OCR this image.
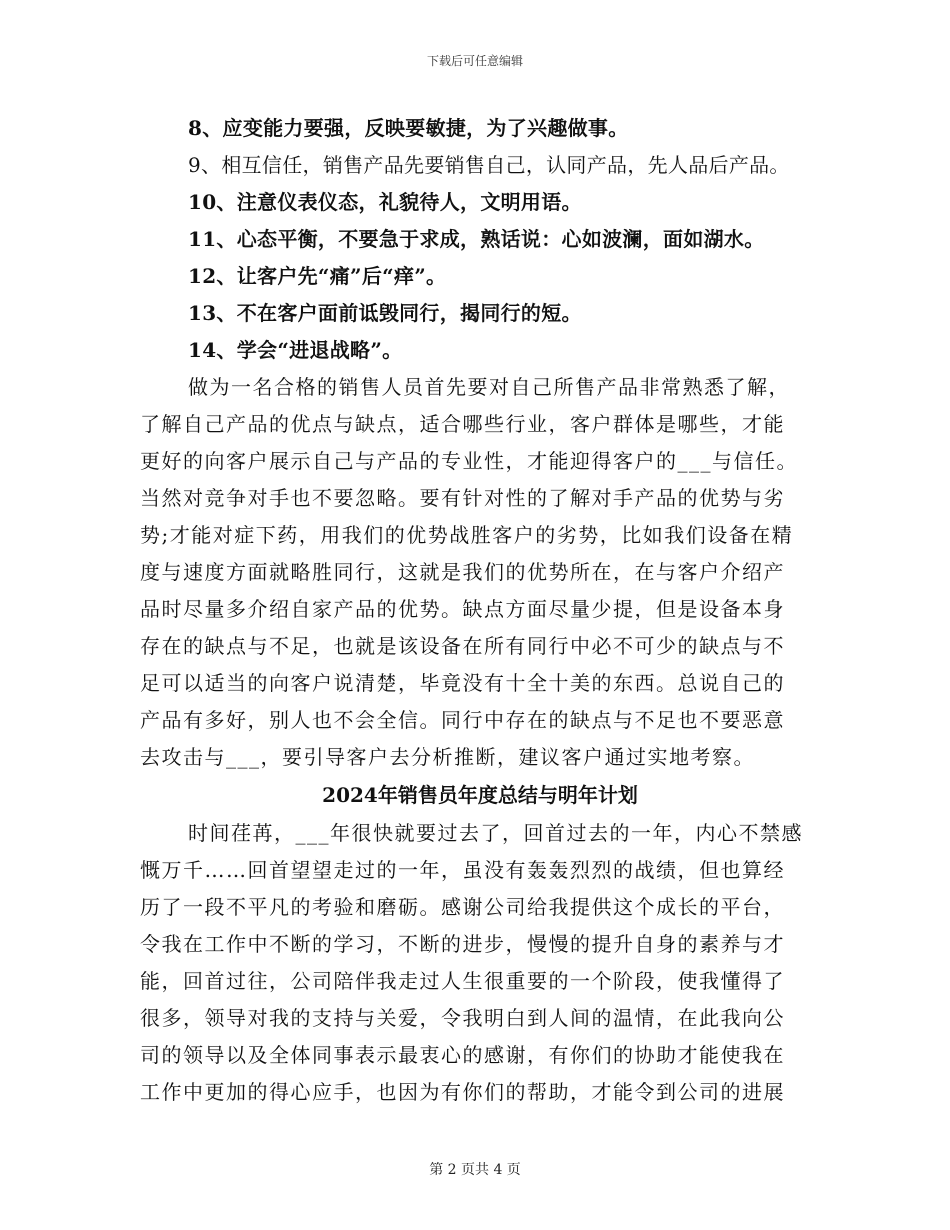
下载后可任意编辑
8、应变能力要强，反映要敏捷，为了兴趣做事。
9、相互信任，销售产品先要销售自己，认同产品，先人品后产品。
10、注意仪表仪态，礼貌待人，文明用语。
11、心态平衡，不要急于求成，熟话说：心如波澜，面如湖水。
12、让客户先“痛”后“痒”。
13、不在客户面前诋毁同行，揭同行的短。
14、学会“进退战略”。
做为一名合格的销售人员首先要对自己所售产品非常熟悉了解，
了解自己产品的优点与缺点，适合哪些行业，客户群体是哪些，才能
更好的向客户展示自己与产品的专业性，才能迎得客户的___与信任。
当然对竞争对手也不要忽略。要有针对性的了解对手产品的优势与劣
势;才能对症下药，用我们的优势战胜客户的劣势，比如我们设备在精
度与速度方面就略胜同行，这就是我们的优势所在，在与客户介绍产
品时尽量多介绍自家产品的优势。缺点方面尽量少提，但是设备本身
存在的缺点与不足，也就是该设备在所有同行中必不可少的缺点与不
足可以适当的向客户说清楚，毕竟没有十全十美的东西。总说自己的
产品有多好，别人也不会全信。同行中存在的缺点与不足也不要恶意
去攻击与___，要引导客户去分析推断，建议客户通过实地考察。
2024年销售员年度总结与明年计划
时间荏苒，___年很快就要过去了，回首过去的一年，内心不禁感
慨万千……回首望望走过的一年，虽没有轰轰烈烈的战绩，但也算经
历了一段不平凡的考验和磨砺。感谢公司给我提供这个成长的平台，
令我在工作中不断的学习，不断的进步，慢慢的提升自身的素养与才
能，回首过往，公司陪伴我走过人生很重要的一个阶段，使我懂得了
很多，领导对我的支持与关爱，令我明白到人间的温情，在此我向公
司的领导以及全体同事表示最衷心的感谢，有你们的协助才能使我在
工作中更加的得心应手，也因为有你们的帮助，才能令到公司的进展
第 2 页共 4 页
